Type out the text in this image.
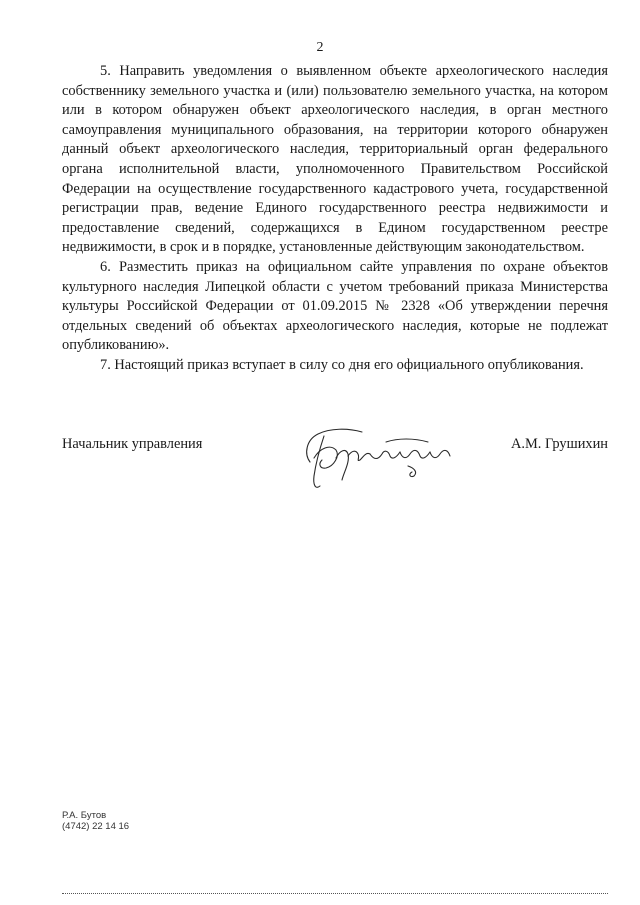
2

5. Направить уведомления о выявленном объекте археологического наследия собственнику земельного участка и (или) пользователю земельного участка, на котором или в котором обнаружен объект археологического наследия, в орган местного самоуправления муниципального образования, на территории которого обнаружен данный объект археологического наследия, территориальный орган федерального органа исполнительной власти, уполномоченного Правительством Российской Федерации на осуществление государственного кадастрового учета, государственной регистрации прав, ведение Единого государственного реестра недвижимости и предоставление сведений, содержащихся в Едином государственном реестре недвижимости, в срок и в порядке, установленные действующим законодательством.

6. Разместить приказ на официальном сайте управления по охране объектов культурного наследия Липецкой области с учетом требований приказа Министерства культуры Российской Федерации от 01.09.2015 № 2328 «Об утверждении перечня отдельных сведений об объектах археологического наследия, которые не подлежат опубликованию».

7. Настоящий приказ вступает в силу со дня его официального опубликования.

Начальник управления	А.М. Грушихин
Р.А. Бутов
(4742) 22 14 16
